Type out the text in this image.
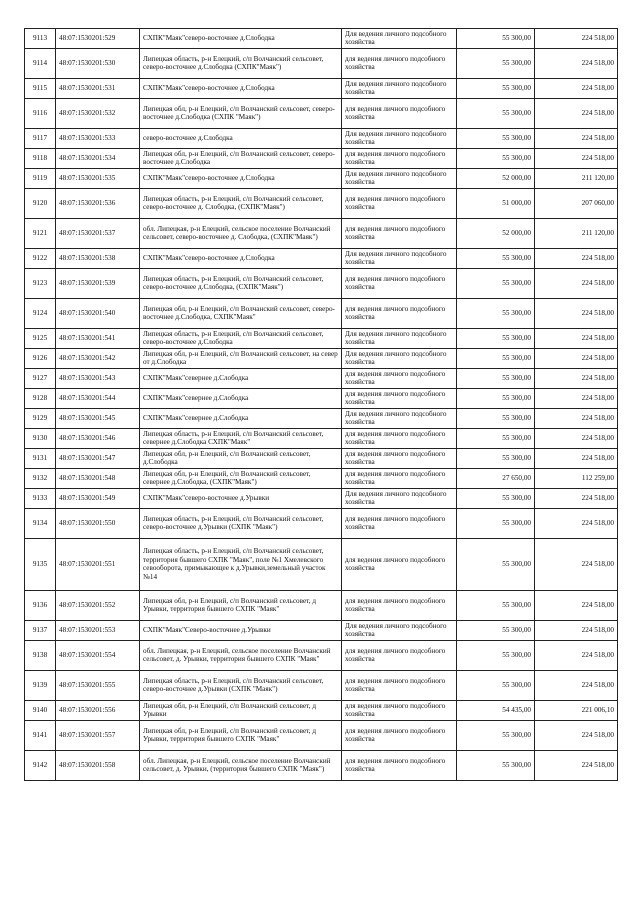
9113	48:07:1530201:529	СХПК"Маяк"северо-восточнее д.Слободка	Для ведения личного подсобного хозяйства	55 300,00	224 518,00
9114	48:07:1530201:530	Липецкая область, р-н Елецкий, с/п Волчанский сельсовет, северо-восточнее д.Слободка (СХПК"Маяк")	для ведения личного подсобного хозяйства	55 300,00	224 518,00
9115	48:07:1530201:531	СХПК"Маяк"северо-восточнее д.Слободка	Для ведения личного подсобного хозяйства	55 300,00	224 518,00
9116	48:07:1530201:532	Липецкая обл, р-н Елецкий, с/п Волчанский сельсовет, северо-восточнее д.Слободка (СХПК "Маяк")	для ведения личного подсобного хозяйства	55 300,00	224 518,00
9117	48:07:1530201:533	северо-восточнее д.Слободка	Для ведения личного подсобного хозяйства	55 300,00	224 518,00
9118	48:07:1530201:534	Липецкая обл, р-н Елецкий, с/п Волчанский сельсовет, северо-восточнее д.Слободка	для ведения личного подсобного хозяйства	55 300,00	224 518,00
9119	48:07:1530201:535	СХПК"Маяк"северо-восточнее д.Слободка	Для ведения личного подсобного хозяйства	52 000,00	211 120,00
9120	48:07:1530201:536	Липецкая область, р-н Елецкий, с/п Волчанский сельсовет, северо-восточнее д. Слободка, (СХПК"Маяк")	для ведения личного подсобного хозяйства	51 000,00	207 060,00
9121	48:07:1530201:537	обл. Липецкая, р-н Елецкий, сельское поселение Волчанский сельсовет, северо-восточнее д. Слободка, (СХПК"Маяк")	для ведения личного подсобного хозяйства	52 000,00	211 120,00
9122	48:07:1530201:538	СХПК"Маяк"северо-восточнее д.Слободка	Для ведения личного подсобного хозяйства	55 300,00	224 518,00
9123	48:07:1530201:539	Липецкая область, р-н Елецкий, с/п Волчанский сельсовет, северо-восточнее д.Слободка, (СХПК"Маяк")	для ведения личного подсобного хозяйства	55 300,00	224 518,00
9124	48:07:1530201:540	Липецкая обл, р-н Елецкий, с/п Волчанский сельсовет, северо-восточнее д.Слободка, СХПК"Маяк"	для ведения личного подсобного хозяйства	55 300,00	224 518,00
9125	48:07:1530201:541	Липецкая область, р-н Елецкий, с/п Волчанский сельсовет, северо-восточнее д.Слободка	Для ведения личного подсобного хозяйства	55 300,00	224 518,00
9126	48:07:1530201:542	Липецкая обл, р-н Елецкий, с/п Волчанский сельсовет, на север от д.Слободка	Для ведения личного подсобного хозяйства	55 300,00	224 518,00
9127	48:07:1530201:543	СХПК"Маяк"севернее д.Слободка	для ведения личного подсобного хозяйства	55 300,00	224 518,00
9128	48:07:1530201:544	СХПК"Маяк"севернее д.Слободка	для ведения личного подсобного хозяйства	55 300,00	224 518,00
9129	48:07:1530201:545	СХПК"Маяк"севернее д.Слободка	Для ведения личного подсобного хозяйства	55 300,00	224 518,00
9130	48:07:1530201:546	Липецкая область, р-н Елецкий, с/п Волчанский сельсовет, севернее д.Слободка СХПК"Маяк"	для ведения личного подсобного хозяйства	55 300,00	224 518,00
9131	48:07:1530201:547	Липецкая обл, р-н Елецкий, с/п Волчанский сельсовет, д.Слободка	для ведения личного подсобного хозяйства	55 300,00	224 518,00
9132	48:07:1530201:548	Липецкая обл, р-н Елецкий, с/п Волчанский сельсовет, севернее д.Слободка, (СХПК"Маяк")	для ведения личного подсобного хозяйства	27 650,00	112 259,00
9133	48:07:1530201:549	СХПК"Маяк"северо-восточнее д.Урывки	Для ведения личного подсобного хозяйства	55 300,00	224 518,00
9134	48:07:1530201:550	Липецкая область, р-н Елецкий, с/п Волчанский сельсовет, северо-восточнее д.Урывки (СХПК "Маяк")	для ведения личного подсобного хозяйства	55 300,00	224 518,00
9135	48:07:1530201:551	Липецкая область, р-н Елецкий, с/п Волчанский сельсовет, территория бывшего СХПК "Маяк", поле №1 Хмелевского севооборота, примыкающее к д.Урывки,земельный участок №14	для ведения личного подсобного хозяйства	55 300,00	224 518,00
9136	48:07:1530201:552	Липецкая обл, р-н Елецкий, с/п Волчанский сельсовет, д Урывки, территория бывшего СХПК "Маяк"	для ведения личного подсобного хозяйства	55 300,00	224 518,00
9137	48:07:1530201:553	СХПК"Маяк"Северо-восточнее д.Урывки	Для ведения личного подсобного хозяйства	55 300,00	224 518,00
9138	48:07:1530201:554	обл. Липецкая, р-н Елецкий, сельское поселение Волчанский сельсовет, д. Урывки, территория бывшего СХПК "Маяк"	для ведения личного подсобного хозяйства	55 300,00	224 518,00
9139	48:07:1530201:555	Липецкая область, р-н Елецкий, с/п Волчанский сельсовет, северо-восточнее д.Урывки (СХПК "Маяк")	для ведения личного подсобного хозяйства	55 300,00	224 518,00
9140	48:07:1530201:556	Липецкая обл, р-н Елецкий, с/п Волчанский сельсовет, д Урывки	для ведения личного подсобного хозяйства	54 435,00	221 006,10
9141	48:07:1530201:557	Липецкая обл, р-н Елецкий, с/п Волчанский сельсовет, д Урывки, территория бывшего СХПК "Маяк"	для ведения личного подсобного хозяйства	55 300,00	224 518,00
9142	48:07:1530201:558	обл. Липецкая, р-н Елецкий, сельское поселение Волчанский сельсовет, д. Урывки, (территория бывшего СХПК "Маяк")	для ведения личного подсобного хозяйства	55 300,00	224 518,00
